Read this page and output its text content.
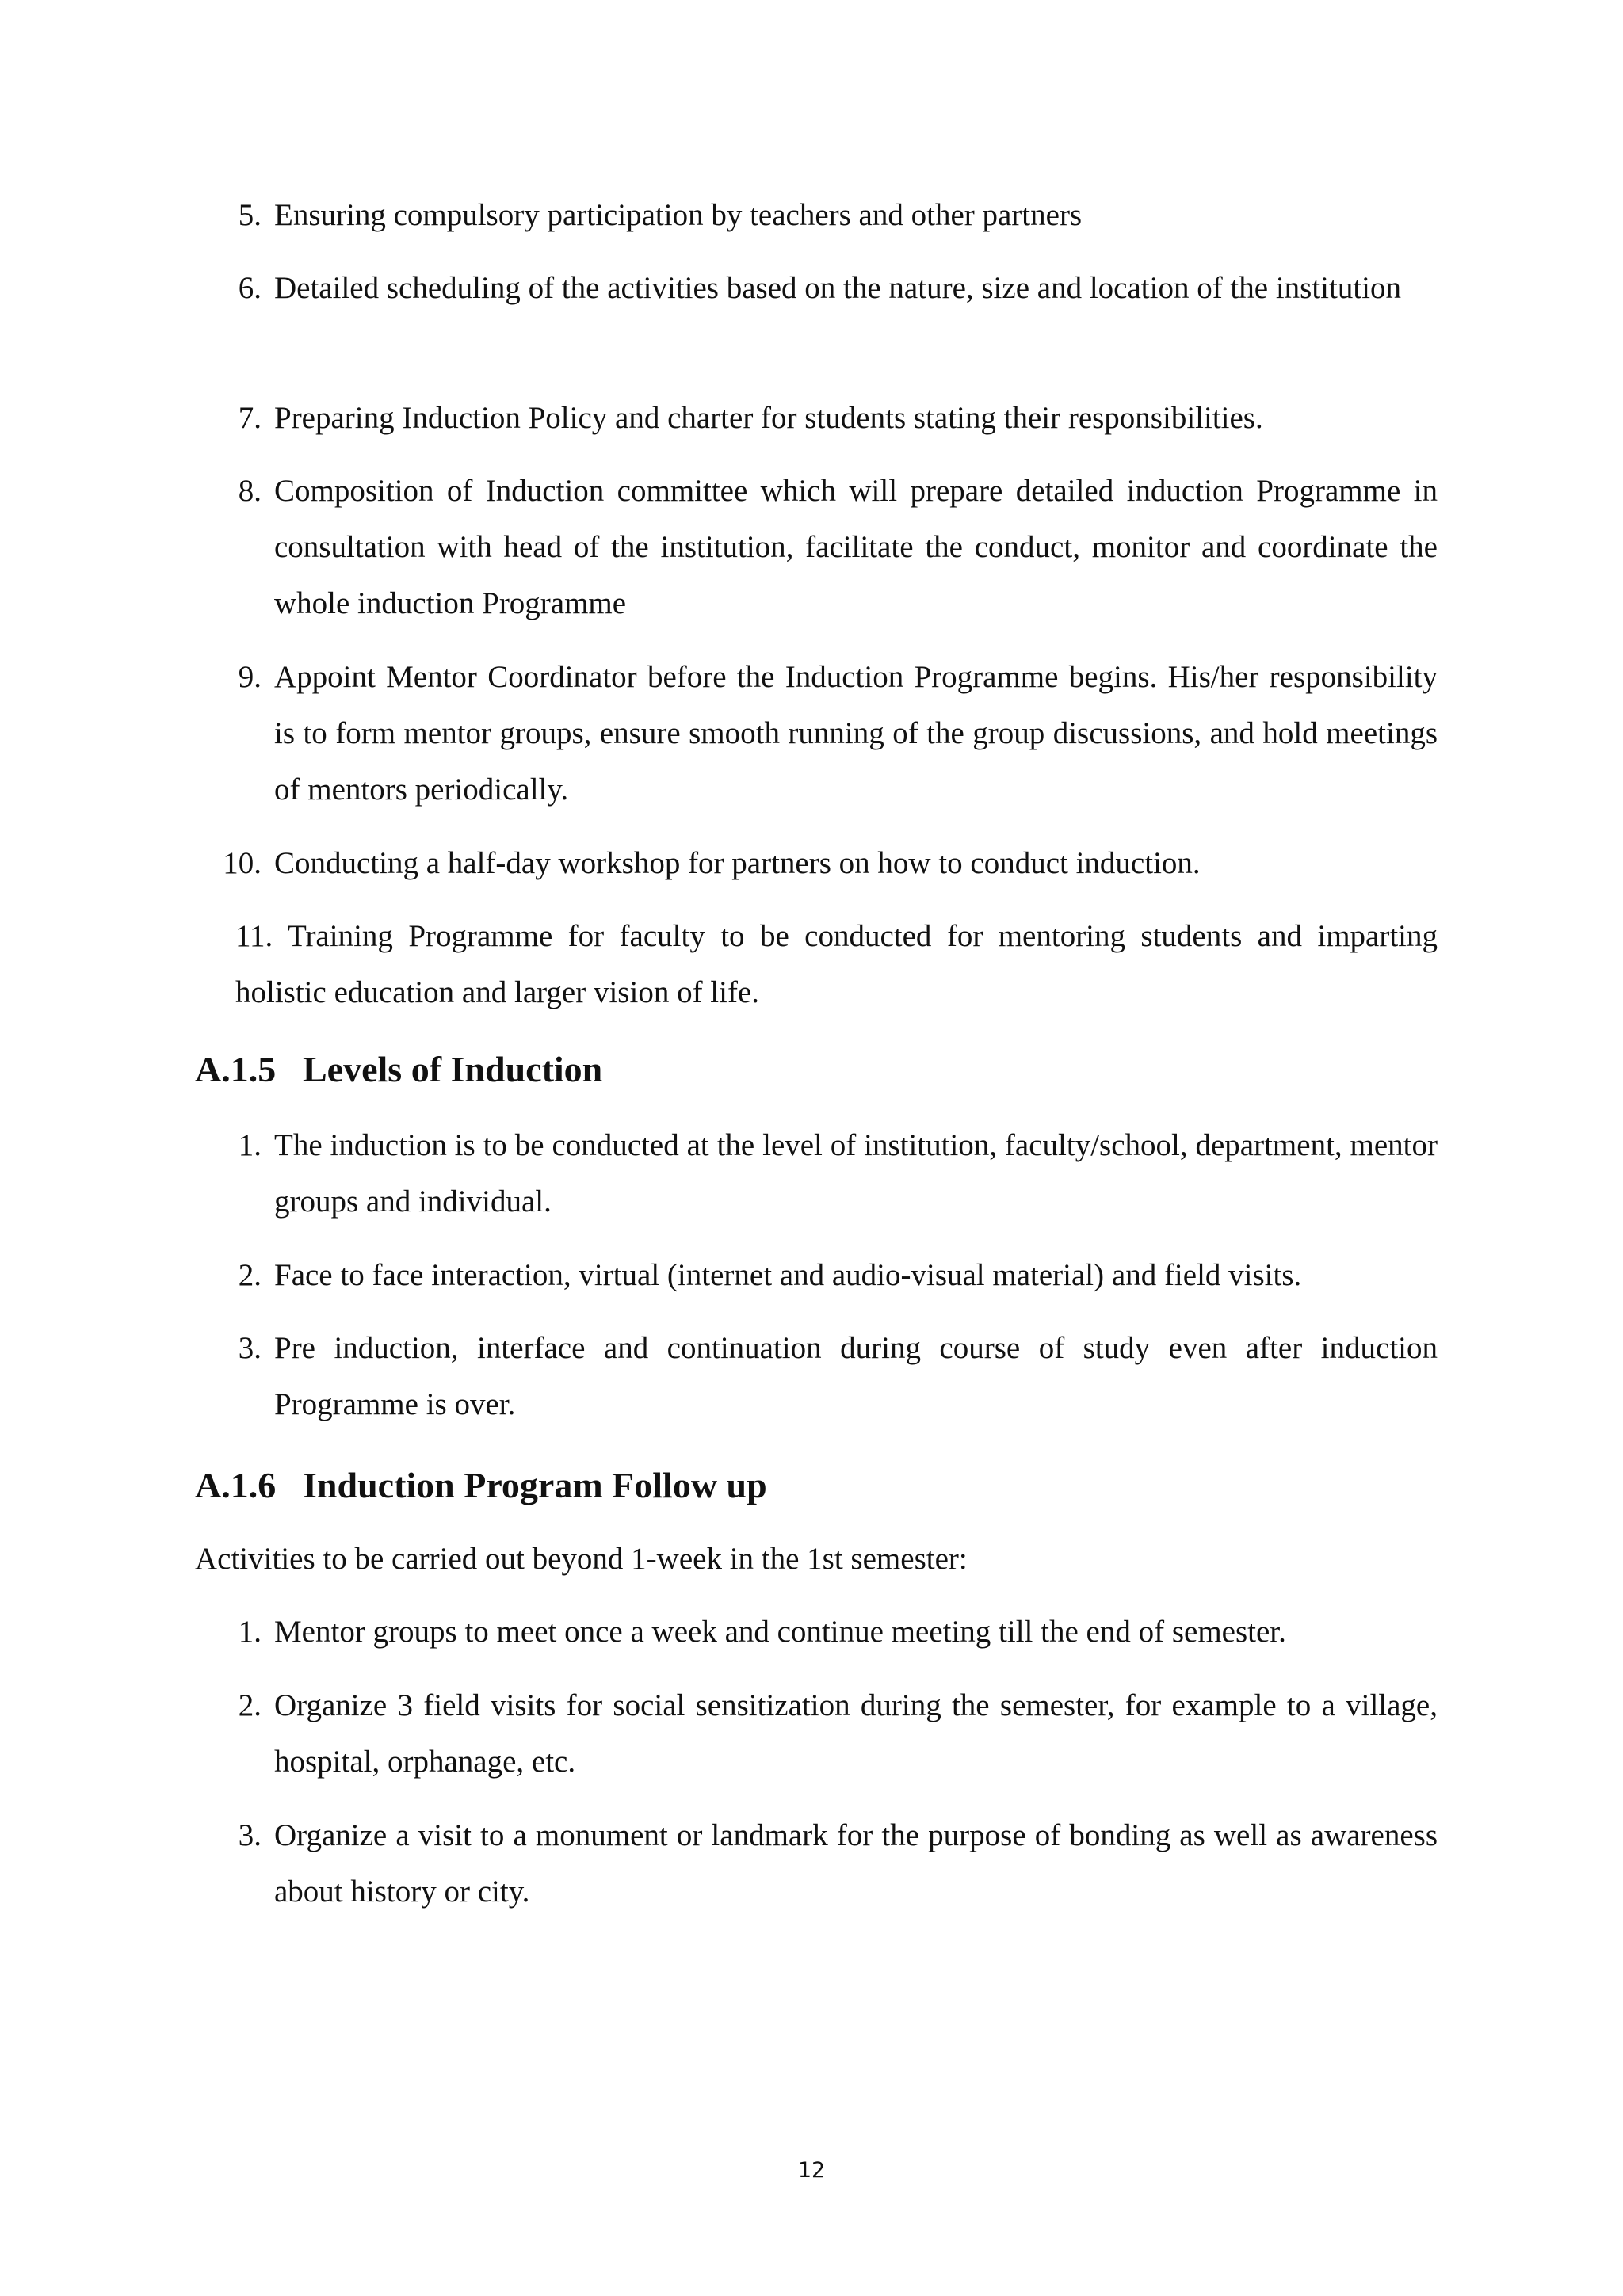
5. Ensuring compulsory participation by teachers and other partners
6. Detailed scheduling of the activities based on the nature, size and location of the institution
7. Preparing Induction Policy and charter for students stating their responsibilities.
8. Composition of Induction committee which will prepare detailed induction Programme in consultation with head of the institution, facilitate the conduct, monitor and coordinate the whole induction Programme
9. Appoint Mentor Coordinator before the Induction Programme begins. His/her responsibility is to form mentor groups, ensure smooth running of the group discussions, and hold meetings of mentors periodically.
10. Conducting a half-day workshop for partners on how to conduct induction.
11. Training Programme for faculty to be conducted for mentoring students and imparting holistic education and larger vision of life.
A.1.5 Levels of Induction
1. The induction is to be conducted at the level of institution, faculty/school, department, mentor groups and individual.
2. Face to face interaction, virtual (internet and audio-visual material) and field visits.
3. Pre induction, interface and continuation during course of study even after induction Programme is over.
A.1.6 Induction Program Follow up
Activities to be carried out beyond 1-week in the 1st semester:
1. Mentor groups to meet once a week and continue meeting till the end of semester.
2. Organize 3 field visits for social sensitization during the semester, for example to a village, hospital, orphanage, etc.
3. Organize a visit to a monument or landmark for the purpose of bonding as well as awareness about history or city.
12
